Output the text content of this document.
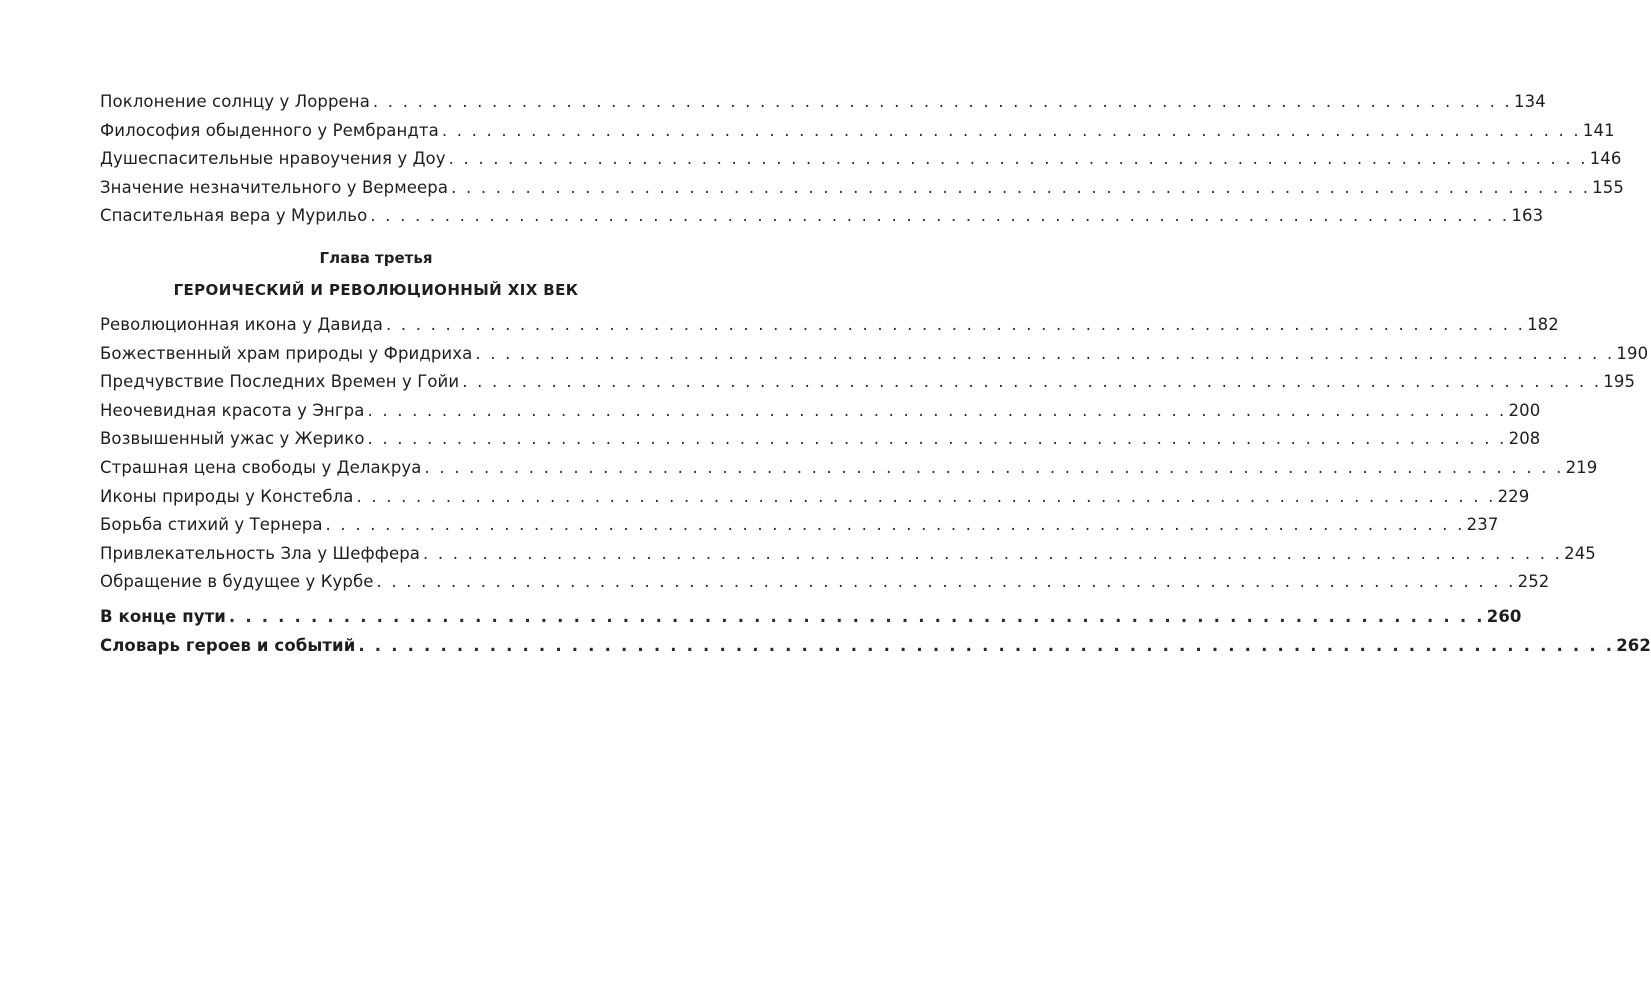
Поклонение солнцу у Лоррена . . . . . . . . . . . . . . . . . . . . . . . . . . . . . . . . . . . . . . . . . . . . . . . . . . . . . . . . . . . . . . . . . . . . . . . . . . . . . 134
Философия обыденного у Рембрандта . . . . . . . . . . . . . . . . . . . . . . . . . . . . . . . . . . . . . . . . . . . . . . . . . . . . . . . . . . . . . . . . . . . . . . . . . . . . . 141
Душеспасительные нравоучения у Доу . . . . . . . . . . . . . . . . . . . . . . . . . . . . . . . . . . . . . . . . . . . . . . . . . . . . . . . . . . . . . . . . . . . . . . . . . . . . . 146
Значение незначительного у Вермеера . . . . . . . . . . . . . . . . . . . . . . . . . . . . . . . . . . . . . . . . . . . . . . . . . . . . . . . . . . . . . . . . . . . . . . . . . . . . . 155
Спасительная вера у Мурильо . . . . . . . . . . . . . . . . . . . . . . . . . . . . . . . . . . . . . . . . . . . . . . . . . . . . . . . . . . . . . . . . . . . . . . . . . . . . . 163
Глава третья
ГЕРОИЧЕСКИЙ И РЕВОЛЮЦИОННЫЙ XIX ВЕК
Революционная икона у Давида . . . . . . . . . . . . . . . . . . . . . . . . . . . . . . . . . . . . . . . . . . . . . . . . . . . . . . . . . . . . . . . . . . . . . . . . . . . . . 182
Божественный храм природы у Фридриха . . . . . . . . . . . . . . . . . . . . . . . . . . . . . . . . . . . . . . . . . . . . . . . . . . . . . . . . . . . . . . . . . . . . . . . . . . . . . 190
Предчувствие Последних Времен у Гойи . . . . . . . . . . . . . . . . . . . . . . . . . . . . . . . . . . . . . . . . . . . . . . . . . . . . . . . . . . . . . . . . . . . . . . . . . . . . . 195
Неочевидная красота у Энгра . . . . . . . . . . . . . . . . . . . . . . . . . . . . . . . . . . . . . . . . . . . . . . . . . . . . . . . . . . . . . . . . . . . . . . . . . . . . . 200
Возвышенный ужас у Жерико . . . . . . . . . . . . . . . . . . . . . . . . . . . . . . . . . . . . . . . . . . . . . . . . . . . . . . . . . . . . . . . . . . . . . . . . . . . . . 208
Страшная цена свободы у Делакруа . . . . . . . . . . . . . . . . . . . . . . . . . . . . . . . . . . . . . . . . . . . . . . . . . . . . . . . . . . . . . . . . . . . . . . . . . . . . . 219
Иконы природы у Констебла . . . . . . . . . . . . . . . . . . . . . . . . . . . . . . . . . . . . . . . . . . . . . . . . . . . . . . . . . . . . . . . . . . . . . . . . . . . . . 229
Борьба стихий у Тернера . . . . . . . . . . . . . . . . . . . . . . . . . . . . . . . . . . . . . . . . . . . . . . . . . . . . . . . . . . . . . . . . . . . . . . . . . . . . . 237
Привлекательность Зла у Шеффера . . . . . . . . . . . . . . . . . . . . . . . . . . . . . . . . . . . . . . . . . . . . . . . . . . . . . . . . . . . . . . . . . . . . . . . . . . . . . 245
Обращение в будущее у Курбе . . . . . . . . . . . . . . . . . . . . . . . . . . . . . . . . . . . . . . . . . . . . . . . . . . . . . . . . . . . . . . . . . . . . . . . . . . . . . 252
В конце пути . . . . . . . . . . . . . . . . . . . . . . . . . . . . . . . . . . . . . . . . . . . . . . . . . . . . . . . . . . . . . . . . . . . . . . . . . . . . . 260
Словарь героев и событий . . . . . . . . . . . . . . . . . . . . . . . . . . . . . . . . . . . . . . . . . . . . . . . . . . . . . . . . . . . . . . . . . . . . . . . . . . . . . 262
